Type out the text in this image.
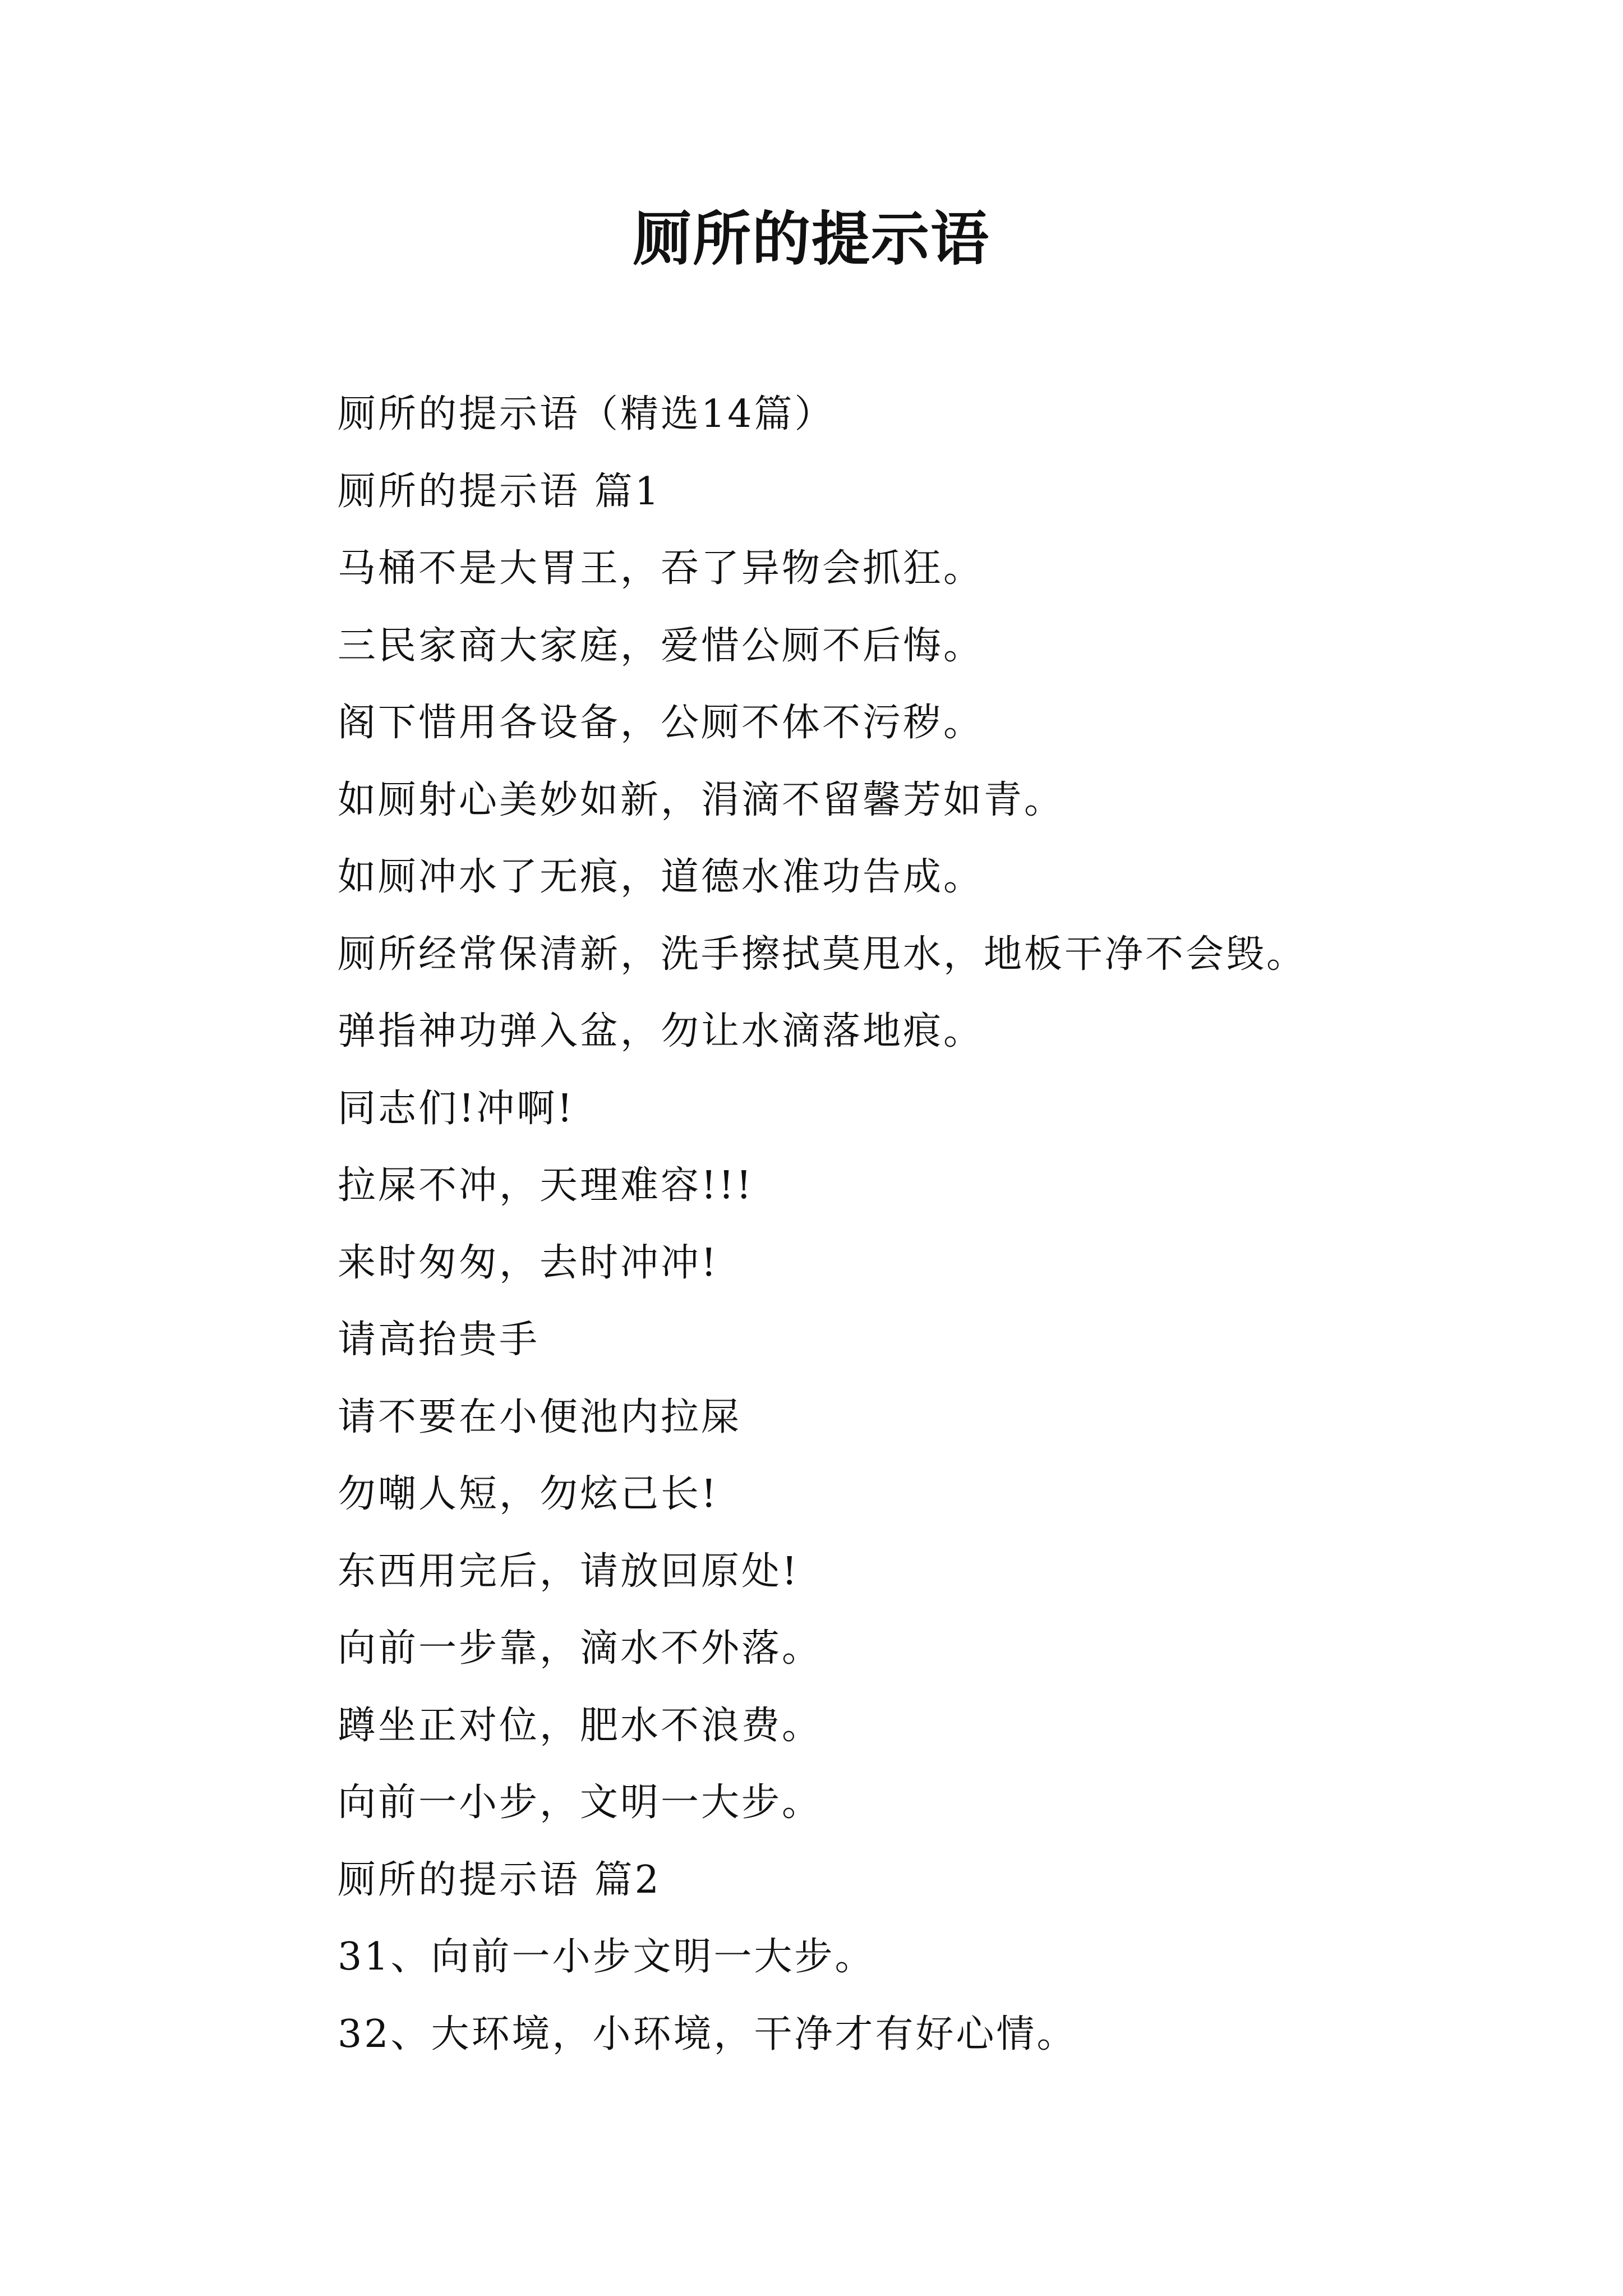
厕所的提示语
厕所的提示语（精选14篇）
厕所的提示语 篇1
马桶不是大胃王，吞了异物会抓狂。
三民家商大家庭，爱惜公厕不后悔。
阁下惜用各设备，公厕不体不污秽。
如厕射心美妙如新，涓滴不留馨芳如青。
如厕冲水了无痕，道德水准功告成。
厕所经常保清新，洗手擦拭莫甩水，地板干净不会毁。
弹指神功弹入盆，勿让水滴落地痕。
同志们!冲啊!
拉屎不冲，天理难容!!!
来时匆匆，去时冲冲!
请高抬贵手
请不要在小便池内拉屎
勿嘲人短，勿炫己长!
东西用完后，请放回原处!
向前一步靠，滴水不外落。
蹲坐正对位，肥水不浪费。
向前一小步，文明一大步。
厕所的提示语 篇2
31、向前一小步文明一大步。
32、大环境，小环境，干净才有好心情。
